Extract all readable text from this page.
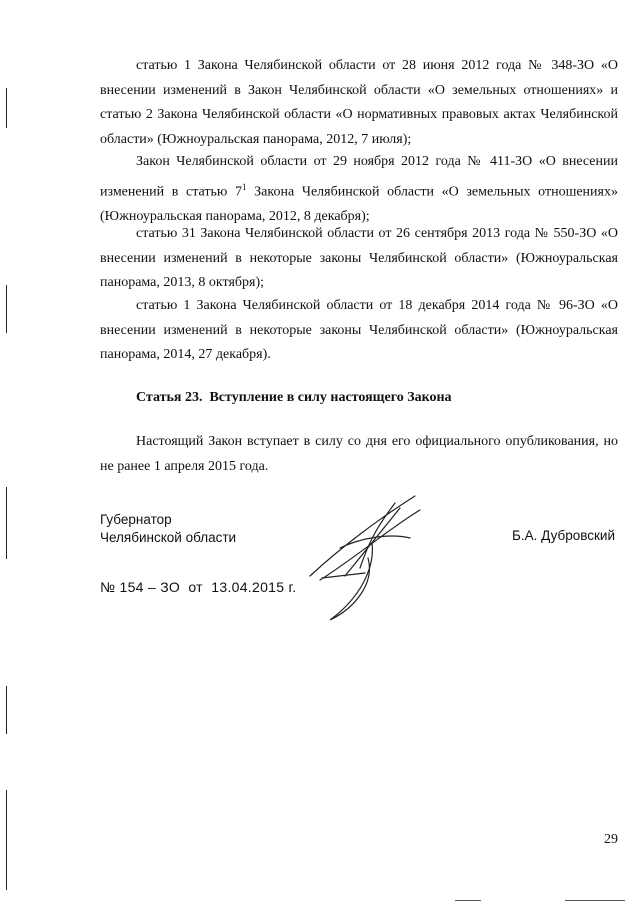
статью 1 Закона Челябинской области от 28 июня 2012 года № 348-ЗО «О внесении изменений в Закон Челябинской области «О земельных отношениях» и статью 2 Закона Челябинской области «О нормативных правовых актах Челябинской области» (Южноуральская панорама, 2012, 7 июля);

Закон Челябинской области от 29 ноября 2012 года № 411-ЗО «О внесении изменений в статью $7^1$ Закона Челябинской области «О земельных отношениях» (Южноуральская панорама, 2012, 8 декабря);

статью 31 Закона Челябинской области от 26 сентября 2013 года № 550-ЗО «О внесении изменений в некоторые законы Челябинской области» (Южноуральская панорама, 2013, 8 октября);

статью 1 Закона Челябинской области от 18 декабря 2014 года № 96-ЗО «О внесении изменений в некоторые законы Челябинской области» (Южноуральская панорама, 2014, 27 декабря).

Статья 23.  Вступление в силу настоящего Закона

Настоящий Закон вступает в силу со дня его официального опубликования, но не ранее 1 апреля 2015 года.

Губернатор
Челябинской области	Б.А. Дубровский
№ 154 – ЗО  от  13.04.2015 г.
29
